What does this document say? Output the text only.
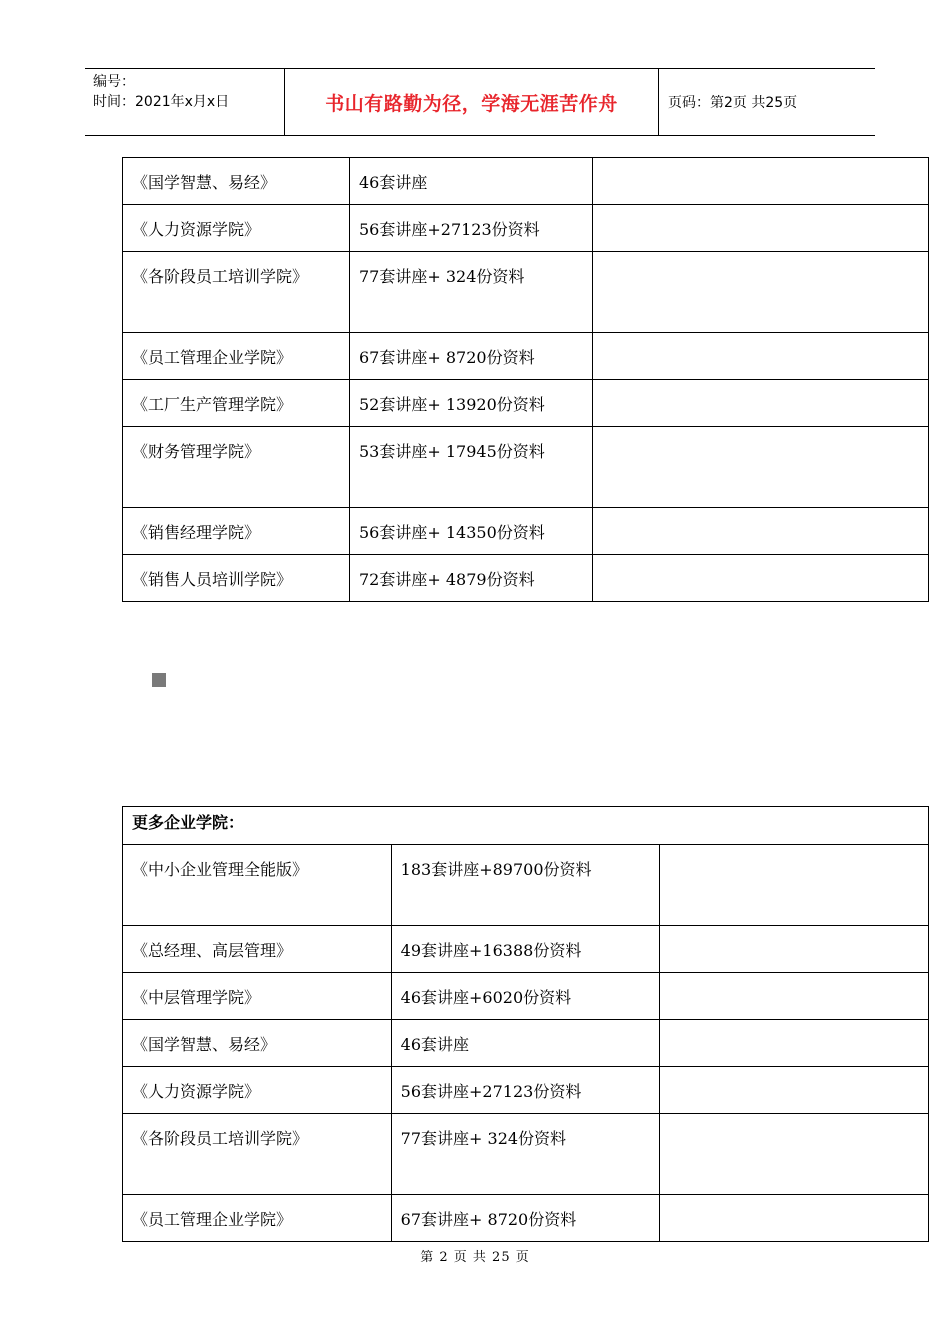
编号：
时间：2021年x月x日	书山有路勤为径，学海无涯苦作舟	页码：第2页 共25页
《国学智慧、易经》	46套讲座	
《人力资源学院》	56套讲座+27123份资料	
《各阶段员工培训学院》	77套讲座+ 324份资料	
《员工管理企业学院》	67套讲座+ 8720份资料	
《工厂生产管理学院》	52套讲座+ 13920份资料	
《财务管理学院》	53套讲座+ 17945份资料	
《销售经理学院》	56套讲座+ 14350份资料	
《销售人员培训学院》	72套讲座+ 4879份资料	
更多企业学院：		
《中小企业管理全能版》	183套讲座+89700份资料	
《总经理、高层管理》	49套讲座+16388份资料	
《中层管理学院》	46套讲座+6020份资料	
《国学智慧、易经》	46套讲座	
《人力资源学院》	56套讲座+27123份资料	
《各阶段员工培训学院》	77套讲座+ 324份资料	
《员工管理企业学院》	67套讲座+ 8720份资料	
第 2 页 共 25 页
